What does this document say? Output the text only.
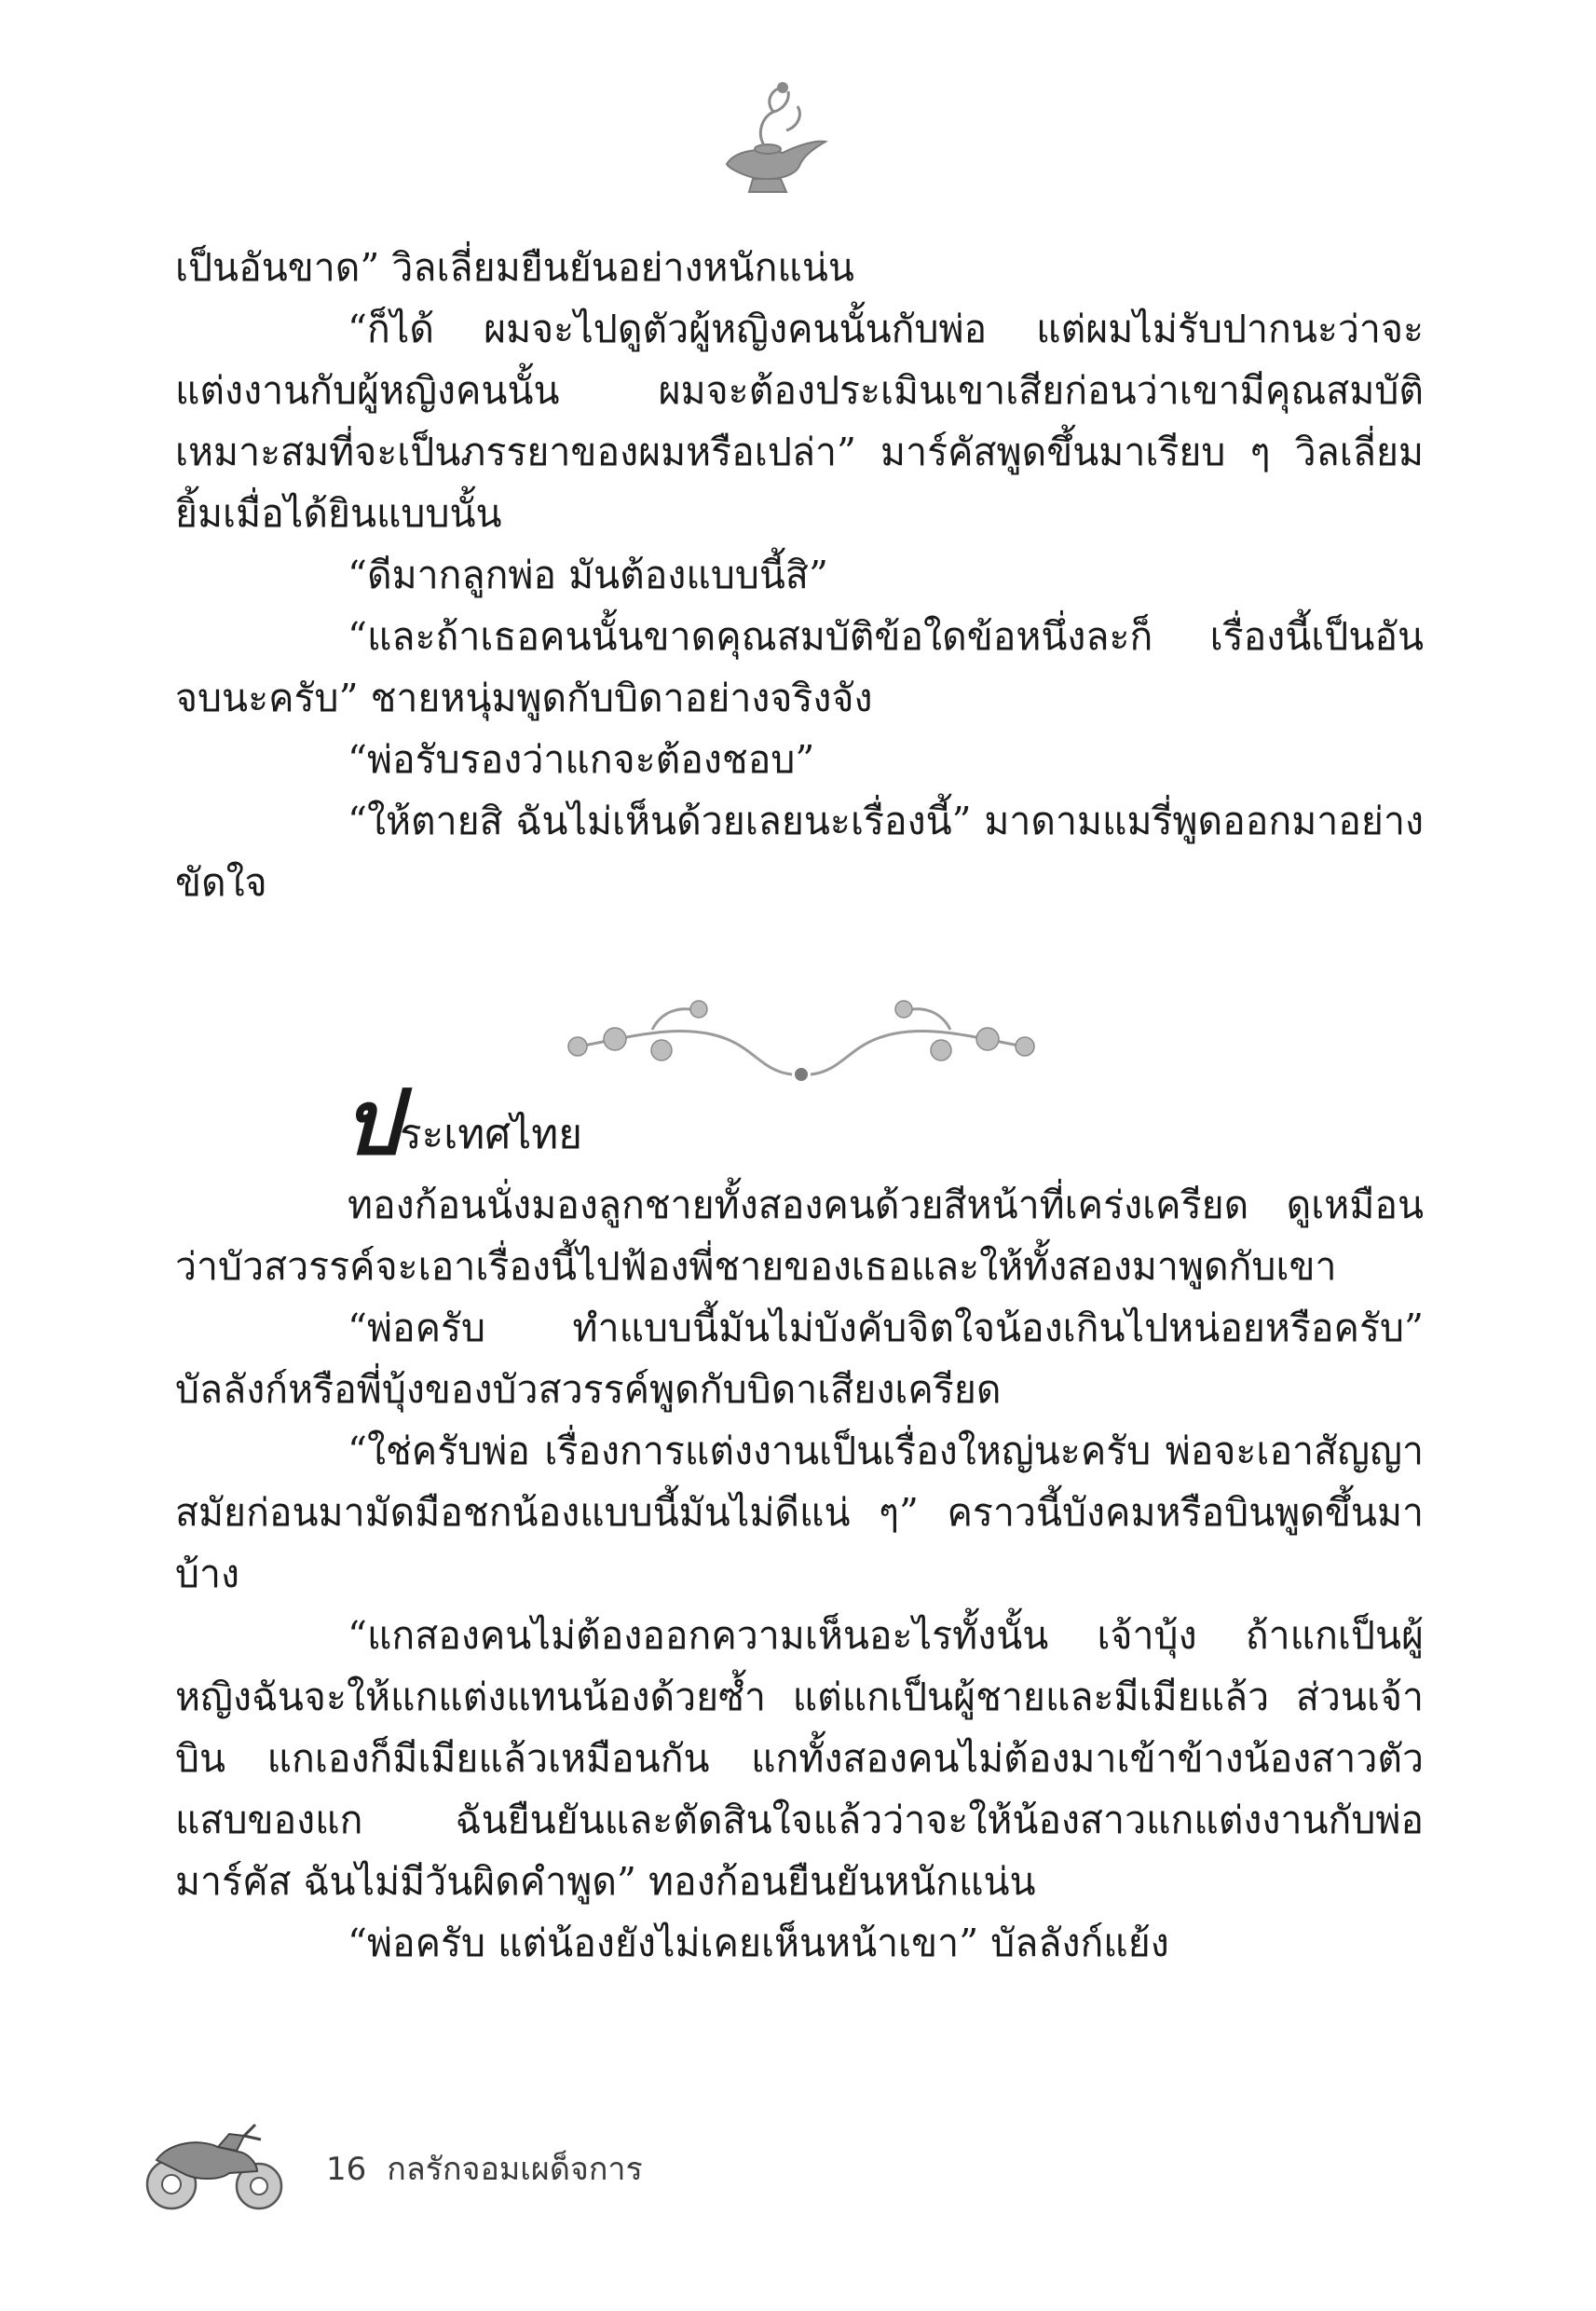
เป็นอันขาด” วิลเลี่ยมยืนยันอย่างหนักแน่น

“ก็ได้ ผมจะไปดูตัวผู้หญิงคนนั้นกับพ่อ แต่ผมไม่รับปากนะว่าจะแต่งงานกับผู้หญิงคนนั้น ผมจะต้องประเมินเขาเสียก่อนว่าเขามีคุณสมบัติเหมาะสมที่จะเป็นภรรยาของผมหรือเปล่า” มาร์คัสพูดขึ้นมาเรียบ ๆ วิลเลี่ยมยิ้มเมื่อได้ยินแบบนั้น

“ดีมากลูกพ่อ มันต้องแบบนี้สิ”

“และถ้าเธอคนนั้นขาดคุณสมบัติข้อใดข้อหนึ่งละก็ เรื่องนี้เป็นอันจบนะครับ” ชายหนุ่มพูดกับบิดาอย่างจริงจัง

“พ่อรับรองว่าแกจะต้องชอบ”

“ให้ตายสิ ฉันไม่เห็นด้วยเลยนะเรื่องนี้” มาดามแมรี่พูดออกมาอย่างขัดใจ

ประเทศไทย

ทองก้อนนั่งมองลูกชายทั้งสองคนด้วยสีหน้าที่เคร่งเครียด ดูเหมือนว่าบัวสวรรค์จะเอาเรื่องนี้ไปฟ้องพี่ชายของเธอและให้ทั้งสองมาพูดกับเขา

“พ่อครับ ทำแบบนี้มันไม่บังคับจิตใจน้องเกินไปหน่อยหรือครับ” บัลลังก์หรือพี่บุ้งของบัวสวรรค์พูดกับบิดาเสียงเครียด

“ใช่ครับพ่อ เรื่องการแต่งงานเป็นเรื่องใหญ่นะครับ พ่อจะเอาสัญญาสมัยก่อนมามัดมือชกน้องแบบนี้มันไม่ดีแน่ ๆ” คราวนี้บังคมหรือบินพูดขึ้นมาบ้าง

“แกสองคนไม่ต้องออกความเห็นอะไรทั้งนั้น เจ้าบุ้ง ถ้าแกเป็นผู้หญิงฉันจะให้แกแต่งแทนน้องด้วยซ้ำ แต่แกเป็นผู้ชายและมีเมียแล้ว ส่วนเจ้าบิน แกเองก็มีเมียแล้วเหมือนกัน แกทั้งสองคนไม่ต้องมาเข้าข้างน้องสาวตัวแสบของแก ฉันยืนยันและตัดสินใจแล้วว่าจะให้น้องสาวแกแต่งงานกับพ่อมาร์คัส ฉันไม่มีวันผิดคำพูด” ทองก้อนยืนยันหนักแน่น

“พ่อครับ แต่น้องยังไม่เคยเห็นหน้าเขา” บัลลังก์แย้ง

16 กลรักจอมเผด็จการ
